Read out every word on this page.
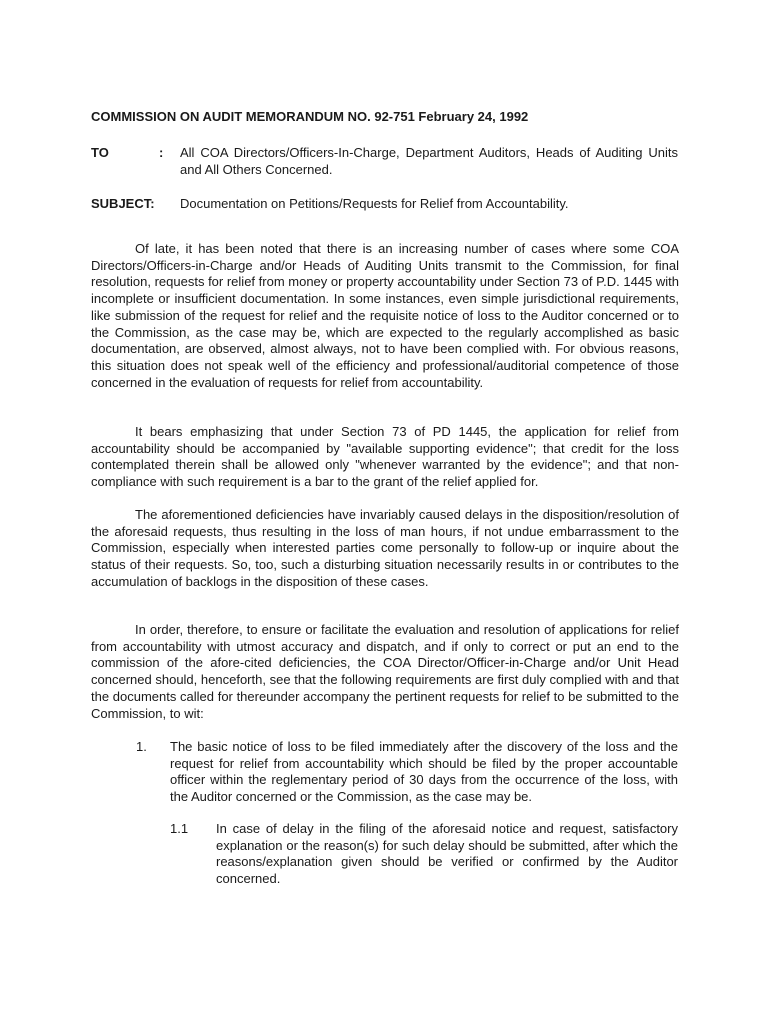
COMMISSION ON AUDIT MEMORANDUM NO. 92-751 February 24, 1992
TO	: All COA Directors/Officers-In-Charge, Department Auditors, Heads of Auditing Units and All Others Concerned.
SUBJECT: Documentation on Petitions/Requests for Relief from Accountability.

Of late, it has been noted that there is an increasing number of cases where some COA Directors/Officers-in-Charge and/or Heads of Auditing Units transmit to the Commission, for final resolution, requests for relief from money or property accountability under Section 73 of P.D. 1445 with incomplete or insufficient documentation. In some instances, even simple jurisdictional requirements, like submission of the request for relief and the requisite notice of loss to the Auditor concerned or to the Commission, as the case may be, which are expected to the regularly accomplished as basic documentation, are observed, almost always, not to have been complied with. For obvious reasons, this situation does not speak well of the efficiency and professional/auditorial competence of those concerned in the evaluation of requests for relief from accountability.

It bears emphasizing that under Section 73 of PD 1445, the application for relief from accountability should be accompanied by "available supporting evidence"; that credit for the loss contemplated therein shall be allowed only "whenever warranted by the evidence"; and that non-compliance with such requirement is a bar to the grant of the relief applied for.

The aforementioned deficiencies have invariably caused delays in the disposition/resolution of the aforesaid requests, thus resulting in the loss of man hours, if not undue embarrassment to the Commission, especially when interested parties come personally to follow-up or inquire about the status of their requests. So, too, such a disturbing situation necessarily results in or contributes to the accumulation of backlogs in the disposition of these cases.

In order, therefore, to ensure or facilitate the evaluation and resolution of applications for relief from accountability with utmost accuracy and dispatch, and if only to correct or put an end to the commission of the afore-cited deficiencies, the COA Director/Officer-in-Charge and/or Unit Head concerned should, henceforth, see that the following requirements are first duly complied with and that the documents called for thereunder accompany the pertinent requests for relief to be submitted to the Commission, to wit:

1. The basic notice of loss to be filed immediately after the discovery of the loss and the request for relief from accountability which should be filed by the proper accountable officer within the reglementary period of 30 days from the occurrence of the loss, with the Auditor concerned or the Commission, as the case may be.

1.1 In case of delay in the filing of the aforesaid notice and request, satisfactory explanation or the reason(s) for such delay should be submitted, after which the reasons/explanation given should be verified or confirmed by the Auditor concerned.
